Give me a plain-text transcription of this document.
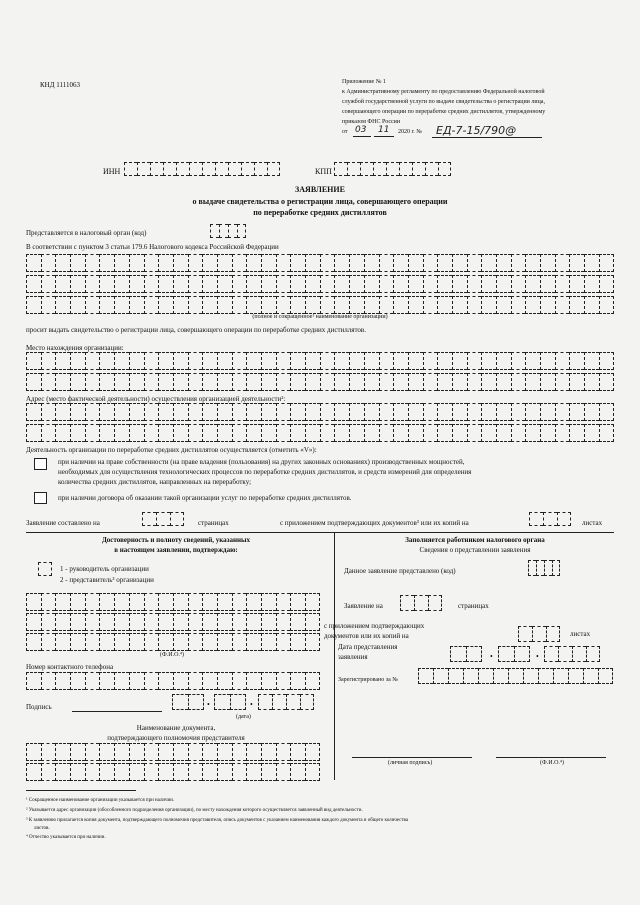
КНД 1111063	Приложение № 1
к Административному регламенту по предоставлению Федеральной налоговой
службой государственной услуги по выдаче свидетельства о регистрации лица,
совершающего операции по переработке средних дистиллятов, утвержденному
приказом ФНС России
от 03 11 2020 г. № ЕД-7-15/790@
ИНН	КПП
ЗАЯВЛЕНИЕ
о выдаче свидетельства о регистрации лица, совершающего операции
по переработке средних дистиллятов
Представляется в налоговый орган (код)
В соответствии с пунктом 3 статьи 179.6 Налогового кодекса Российской Федерации
(полное и сокращенное¹ наименование организации)
просит выдать свидетельство о регистрации лица, совершающего операции по переработке средних дистиллятов.
Место нахождения организации:
Адрес (место фактической деятельности) осуществления организацией деятельности²:
Деятельность организации по переработке средних дистиллятов осуществляется (отметить «V»):
при наличии на праве собственности (на праве владения (пользования) на других законных основаниях) производственных мощностей,
необходимых для осуществления технологических процессов по переработке средних дистиллятов, и средств измерений для определения
количества средних дистиллятов, направленных на переработку;
при наличии договора об оказании такой организации услуг по переработке средних дистиллятов.
Заявление составлено на	страницах	с приложением подтверждающих документов³ или их копий на	листах
Достоверность и полноту сведений, указанных
в настоящем заявлении, подтверждаю:
1 - руководитель организации
2 - представитель³ организации
(Ф.И.О.⁴)
Номер контактного телефона
Подпись	•	•
(дата)
Наименование документа,
подтверждающего полномочия представителя
Заполняется работником налогового органа
Сведения о представлении заявления
Данное заявление представлено (код)
Заявление на	страницах
с приложением подтверждающих
документов или их копий на	листах
Дата представления
заявления	•	•
Зарегистрировано за №
(личная подпись)	(Ф.И.О.⁴)
¹ Сокращенное наименование организации указывается при наличии.
² Указывается адрес организации (обособленного подразделения организации), по месту нахождения которого осуществляется заявленный вид деятельности.
³ К заявлению прилагается копия документа, подтверждающего полномочия представителя, опись документов с указанием наименования каждого документа и общего количества
листов.
⁴ Отчество указывается при наличии.
